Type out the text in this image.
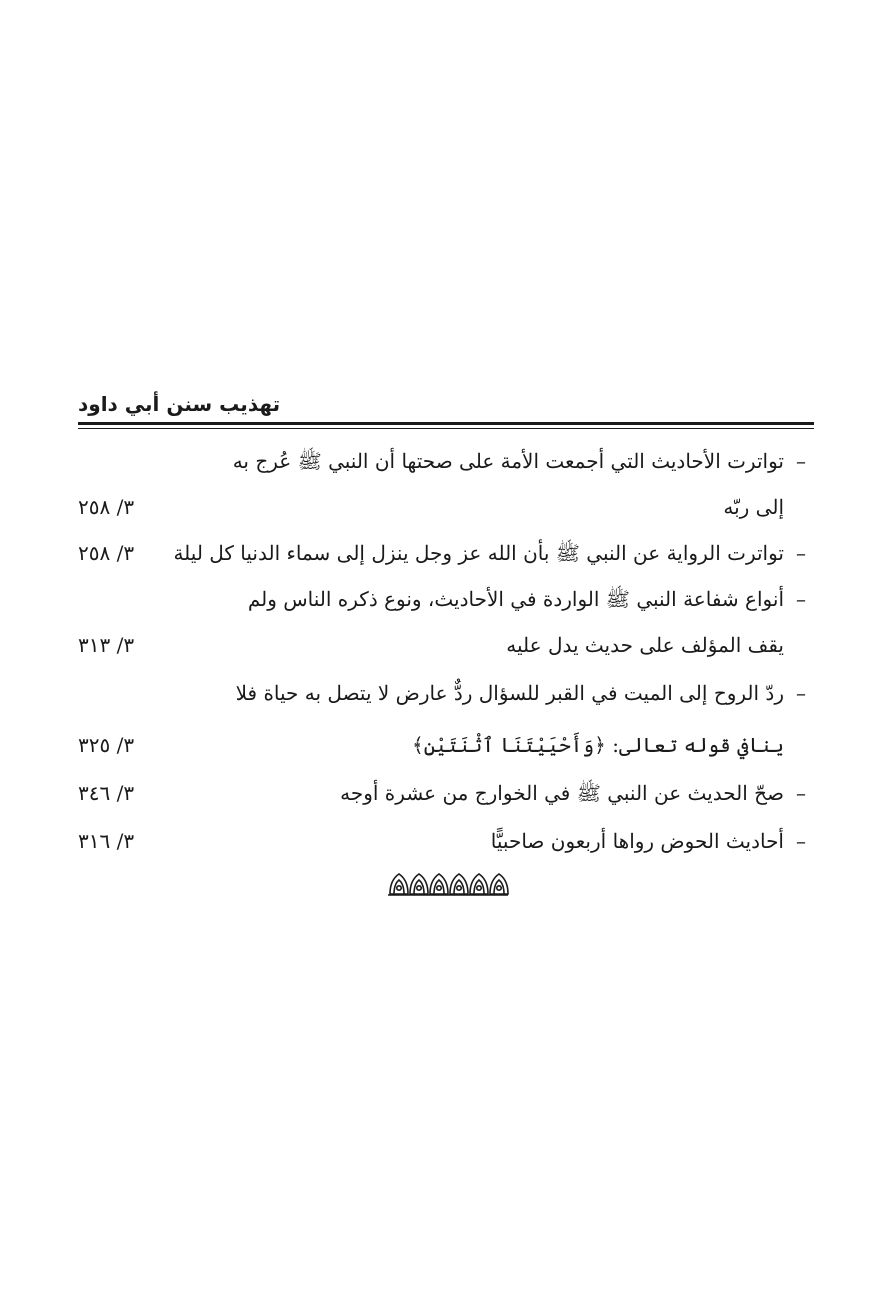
تهذيب سنن أبي داود
–
تواترت الأحاديث التي أجمعت الأمة على صحتها أن النبي ﷺ عُرج به
إلى ربّه
٣/ ٢٥٨
–
تواترت الرواية عن النبي ﷺ بأن الله عز وجل ينزل إلى سماء الدنيا كل ليلة
٣/ ٢٥٨
–
أنواع شفاعة النبي ﷺ الواردة في الأحاديث، ونوع ذكره الناس ولم
يقف المؤلف على حديث يدل عليه
٣/ ٣١٣
–
ردّ الروح إلى الميت في القبر للسؤال ردٌّ عارض لا يتصل به حياة فلا
ينافي قوله تعالى: ﴿وَأَحْيَيْتَنَا ٱثْنَتَيْنِ﴾
٣/ ٣٢٥
–
صحّ الحديث عن النبي ﷺ في الخوارج من عشرة أوجه
٣/ ٣٤٦
–
أحاديث الحوض رواها أربعون صاحبيًّا
٣/ ٣١٦
